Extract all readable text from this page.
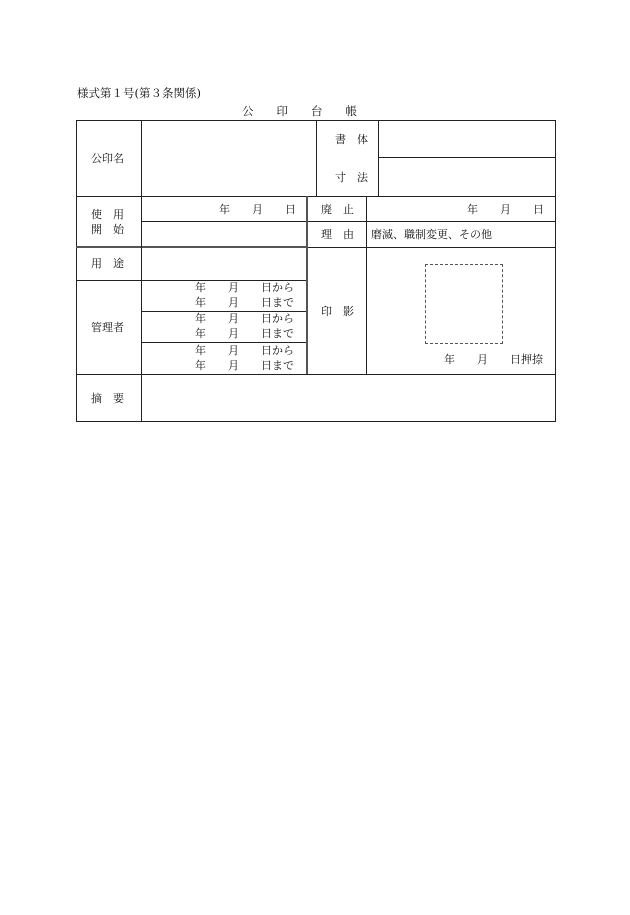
様式第１号(第３条関係)
公　　印　　台　　帳
公印名
書　体
寸　法
使　用
開　始
年　　月　　日 廃　止	年　　月　　日
理　由 磨滅、職制変更、その他
用　途
管理者
年　　月　　日から
年　　月　　日まで
年　　月　　日から
年　　月　　日まで
年　　月　　日から
年　　月　　日まで
印　影
年　　月　　日押捺
摘　要
